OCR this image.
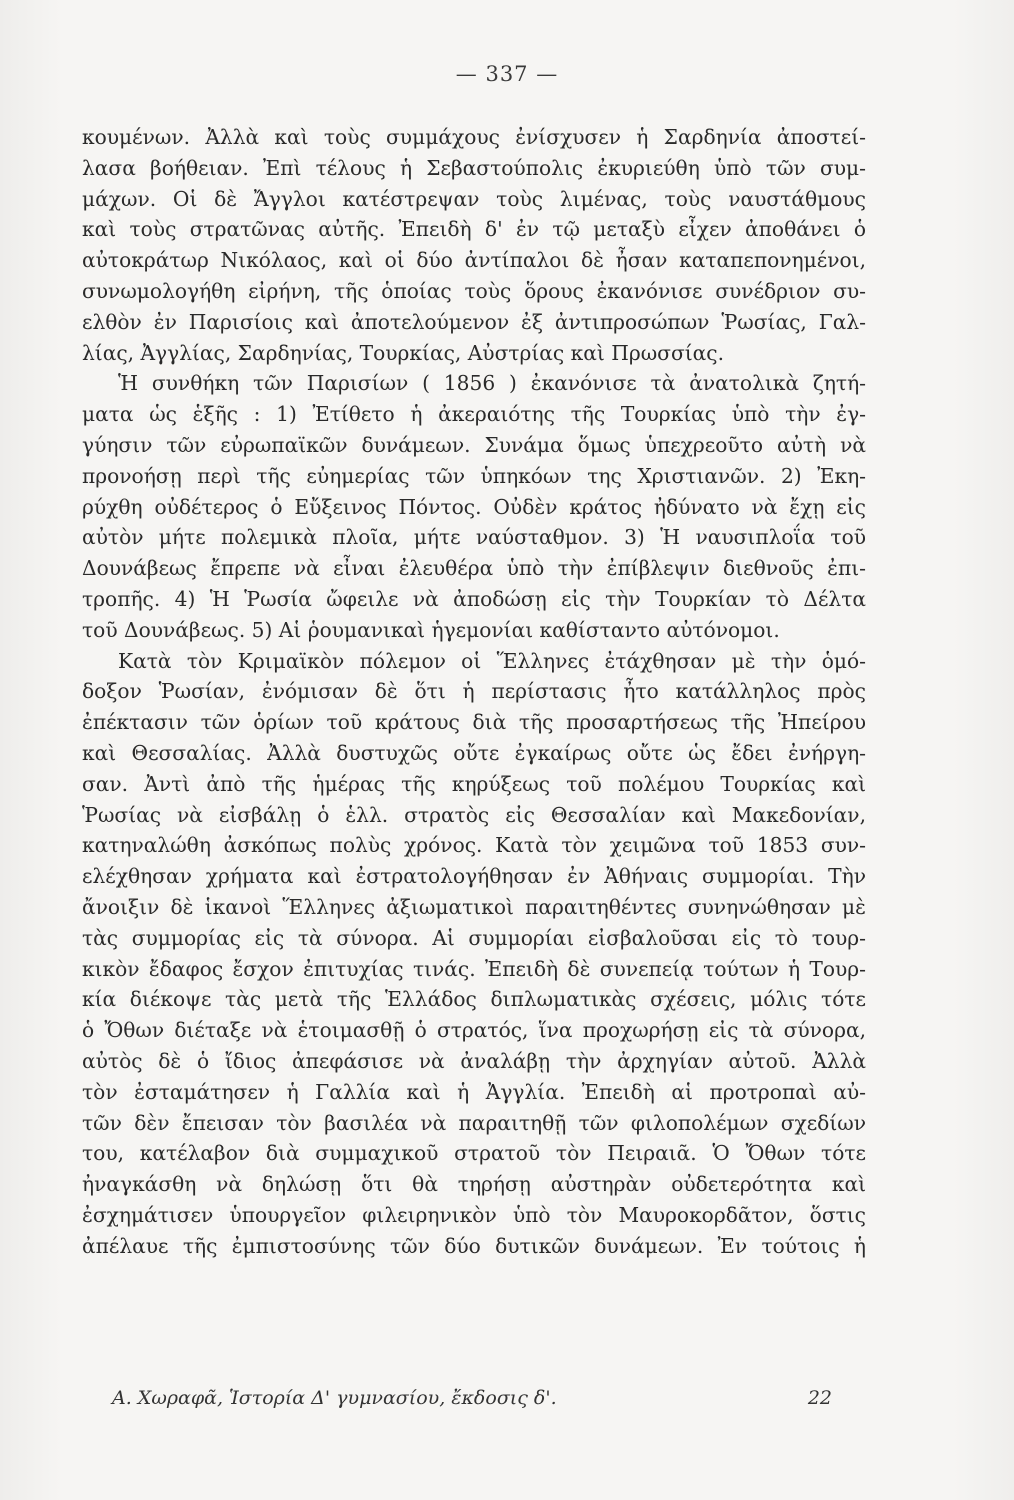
— 337 —
κουμένων. Ἀλλὰ καὶ τοὺς συμμάχους ἐνίσχυσεν ἡ Σαρδηνία ἀποστεί-
λασα βοήθειαν. Ἐπὶ τέλους ἡ Σεβαστούπολις ἐκυριεύθη ὑπὸ τῶν συμ-
μάχων. Οἱ δὲ Ἄγγλοι κατέστρεψαν τοὺς λιμένας, τοὺς ναυστάθμους
καὶ τοὺς στρατῶνας αὐτῆς. Ἐπειδὴ δ' ἐν τῷ μεταξὺ εἶχεν ἀποθάνει ὁ
αὐτοκράτωρ Νικόλαος, καὶ οἱ δύο ἀντίπαλοι δὲ ἦσαν καταπεπονημένοι,
συνωμολογήθη εἰρήνη, τῆς ὁποίας τοὺς ὅρους ἐκανόνισε συνέδριον συ-
ελθὸν ἐν Παρισίοις καὶ ἀποτελούμενον ἐξ ἀντιπροσώπων Ῥωσίας, Γαλ-
λίας, Ἀγγλίας, Σαρδηνίας, Τουρκίας, Αὐστρίας καὶ Πρωσσίας.
Ἡ συνθήκη τῶν Παρισίων ( 1856 ) ἐκανόνισε τὰ ἀνατολικὰ ζητή-
ματα ὡς ἑξῆς : 1) Ἐτίθετο ἡ ἀκεραιότης τῆς Τουρκίας ὑπὸ τὴν ἐγ-
γύησιν τῶν εὐρωπαϊκῶν δυνάμεων. Συνάμα ὅμως ὑπεχρεοῦτο αὐτὴ νὰ
προνοήσῃ περὶ τῆς εὐημερίας τῶν ὑπηκόων της Χριστιανῶν. 2) Ἐκη-
ρύχθη οὐδέτερος ὁ Εὔξεινος Πόντος. Οὐδὲν κράτος ἠδύνατο νὰ ἔχῃ εἰς
αὐτὸν μήτε πολεμικὰ πλοῖα, μήτε ναύσταθμον. 3) Ἡ ναυσιπλοΐα τοῦ
Δουνάβεως ἔπρεπε νὰ εἶναι ἐλευθέρα ὑπὸ τὴν ἐπίβλεψιν διεθνοῦς ἐπι-
τροπῆς. 4) Ἡ Ῥωσία ὤφειλε νὰ ἀποδώσῃ εἰς τὴν Τουρκίαν τὸ Δέλτα
τοῦ Δουνάβεως. 5) Αἱ ῥουμανικαὶ ἡγεμονίαι καθίσταντο αὐτόνομοι.
Κατὰ τὸν Κριμαϊκὸν πόλεμον οἱ Ἕλληνες ἐτάχθησαν μὲ τὴν ὁμό-
δοξον Ῥωσίαν, ἐνόμισαν δὲ ὅτι ἡ περίστασις ἦτο κατάλληλος πρὸς
ἐπέκτασιν τῶν ὁρίων τοῦ κράτους διὰ τῆς προσαρτήσεως τῆς Ἠπείρου
καὶ Θεσσαλίας. Ἀλλὰ δυστυχῶς οὔτε ἐγκαίρως οὔτε ὡς ἔδει ἐνήργη-
σαν. Ἀντὶ ἀπὸ τῆς ἡμέρας τῆς κηρύξεως τοῦ πολέμου Τουρκίας καὶ
Ῥωσίας νὰ εἰσβάλῃ ὁ ἑλλ. στρατὸς εἰς Θεσσαλίαν καὶ Μακεδονίαν,
κατηναλώθη ἀσκόπως πολὺς χρόνος. Κατὰ τὸν χειμῶνα τοῦ 1853 συν-
ελέχθησαν χρήματα καὶ ἐστρατολογήθησαν ἐν Ἀθήναις συμμορίαι. Τὴν
ἄνοιξιν δὲ ἱκανοὶ Ἕλληνες ἀξιωματικοὶ παραιτηθέντες συνηνώθησαν μὲ
τὰς συμμορίας εἰς τὰ σύνορα. Αἱ συμμορίαι εἰσβαλοῦσαι εἰς τὸ τουρ-
κικὸν ἔδαφος ἔσχον ἐπιτυχίας τινάς. Ἐπειδὴ δὲ συνεπείᾳ τούτων ἡ Τουρ-
κία διέκοψε τὰς μετὰ τῆς Ἑλλάδος διπλωματικὰς σχέσεις, μόλις τότε
ὁ Ὄθων διέταξε νὰ ἑτοιμασθῇ ὁ στρατός, ἵνα προχωρήσῃ εἰς τὰ σύνορα,
αὐτὸς δὲ ὁ ἴδιος ἀπεφάσισε νὰ ἀναλάβῃ τὴν ἀρχηγίαν αὐτοῦ. Ἀλλὰ
τὸν ἐσταμάτησεν ἡ Γαλλία καὶ ἡ Ἀγγλία. Ἐπειδὴ αἱ προτροπαὶ αὐ-
τῶν δὲν ἔπεισαν τὸν βασιλέα νὰ παραιτηθῇ τῶν φιλοπολέμων σχεδίων
του, κατέλαβον διὰ συμμαχικοῦ στρατοῦ τὸν Πειραιᾶ. Ὁ Ὄθων τότε
ἠναγκάσθη νὰ δηλώσῃ ὅτι θὰ τηρήσῃ αὐστηρὰν οὐδετερότητα καὶ
ἐσχημάτισεν ὑπουργεῖον φιλειρηνικὸν ὑπὸ τὸν Μαυροκορδᾶτον, ὅστις
ἀπέλαυε τῆς ἐμπιστοσύνης τῶν δύο δυτικῶν δυνάμεων. Ἐν τούτοις ἡ
Α. Χωραφᾶ, Ἱστορία Δ' γυμνασίου, ἔκδοσις δ'.	22
